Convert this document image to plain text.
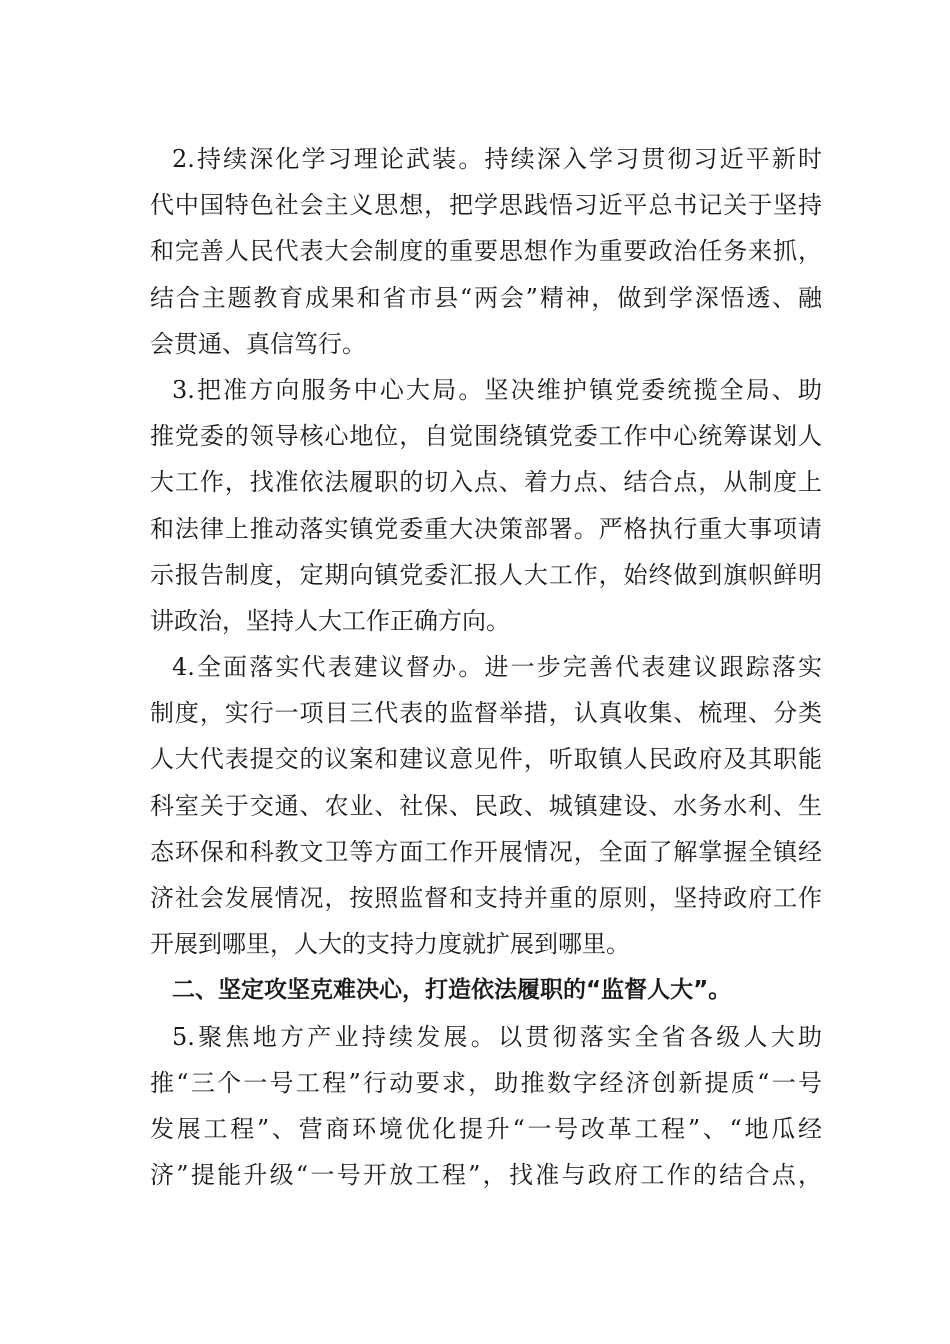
2.持续深化学习理论武装。持续深入学习贯彻习近平新时
代中国特色社会主义思想，把学思践悟习近平总书记关于坚持
和完善人民代表大会制度的重要思想作为重要政治任务来抓，
结合主题教育成果和省市县“两会”精神，做到学深悟透、融
会贯通、真信笃行。
3.把准方向服务中心大局。坚决维护镇党委统揽全局、助
推党委的领导核心地位，自觉围绕镇党委工作中心统筹谋划人
大工作，找准依法履职的切入点、着力点、结合点，从制度上
和法律上推动落实镇党委重大决策部署。严格执行重大事项请
示报告制度，定期向镇党委汇报人大工作，始终做到旗帜鲜明
讲政治，坚持人大工作正确方向。
4.全面落实代表建议督办。进一步完善代表建议跟踪落实
制度，实行一项目三代表的监督举措，认真收集、梳理、分类
人大代表提交的议案和建议意见件，听取镇人民政府及其职能
科室关于交通、农业、社保、民政、城镇建设、水务水利、生
态环保和科教文卫等方面工作开展情况，全面了解掌握全镇经
济社会发展情况，按照监督和支持并重的原则，坚持政府工作
开展到哪里，人大的支持力度就扩展到哪里。
二、坚定攻坚克难决心，打造依法履职的“监督人大”。
5.聚焦地方产业持续发展。以贯彻落实全省各级人大助
推“三个一号工程”行动要求，助推数字经济创新提质“一号
发展工程”、营商环境优化提升“一号改革工程”、“地瓜经
济”提能升级“一号开放工程”，找准与政府工作的结合点，
